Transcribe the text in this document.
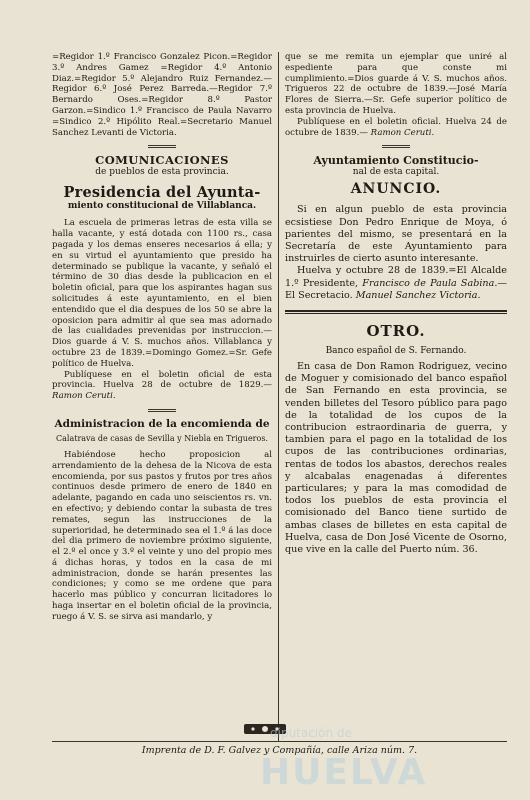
=Regidor 1.º Francisco Gonzalez Picon.=Regidor 3.º Andres Gamez =Regidor 4.º Antonio Diaz.=Regidor 5.º Alejandro Ruiz Fernandez.—Regidor 6.º José Perez Barreda.—Regidor 7.º Bernardo Oses.=Regidor 8.º Pastor Garzon.=Sindico 1.º Francisco de Paula Navarro =Sindico 2.º Hipólito Real.=Secretario Manuel Sanchez Levanti de Victoria.

COMUNICACIONES

de pueblos de esta provincia.

Presidencia del Ayunta-

miento constitucional de Villablanca.

La escuela de primeras letras de esta villa se halla vacante, y está dotada con 1100 rs., casa pagada y los demas enseres necesarios á ella; y en su virtud el ayuntamiento que presido ha determinado se publique la vacante, y señaló el término de 30 dias desde la publicacion en el boletin oficial, para que los aspirantes hagan sus solicitudes á este ayuntamiento, en el bien entendido que el dia despues de los 50 se abre la oposicion para admitir al que sea mas adornado de las cualidades prevenidas por instruccion.—Dios guarde á V. S. muchos años. Villablanca y octubre 23 de 1839.=Domingo Gomez.=Sr. Gefe político de Huelva.

Publíquese en el boletin oficial de esta provincia. Huelva 28 de octubre de 1829.— Ramon Ceruti.

Administracion de la encomienda de

Calatrava de casas de Sevilla y Niebla en Trigueros.

Habiéndose hecho proposicion al arrendamiento de la dehesa de la Nicova de esta encomienda, por sus pastos y frutos por tres años continuos desde primero de enero de 1840 en adelante, pagando en cada uno seiscientos rs. vn. en efectivo; y debiendo contar la subasta de tres remates, segun las instrucciones de la superioridad, he determinado sea el 1.º á las doce del dia primero de noviembre próximo siguiente, el 2.º el once y 3.º el veinte y uno del propio mes á dichas horas, y todos en la casa de mi administracion, donde se harán presentes las condiciones; y como se me ordene que para hacerlo mas público y concurran licitadores lo haga insertar en el boletin oficial de la provincia, ruego á V. S. se sirva asi mandarlo, y

que se me remita un ejemplar que uniré al espediente para que conste mi cumplimiento.=Dios guarde á V. S. muchos años. Trigueros 22 de octubre de 1839.—José María Flores de Sierra.—Sr. Gefe superior político de esta provincia de Huelva.

Publíquese en el boletin oficial. Huelva 24 de octubre de 1839.— Ramon Ceruti.

Ayuntamiento Constitucio-

nal de esta capital.

ANUNCIO.

Si en algun pueblo de esta provincia ecsistiese Don Pedro Enrique de Moya, ó parientes del mismo, se presentará en la Secretaría de este Ayuntamiento para instruirles de cierto asunto interesante.

Huelva y octubre 28 de 1839.=El Alcalde 1.º Presidente, Francisco de Paula Sabina.—El Secretacio. Manuel Sanchez Victoria.

OTRO.

Banco español de S. Fernando.

En casa de Don Ramon Rodriguez, vecino de Moguer y comisionado del banco español de San Fernando en esta provincia, se venden billetes del Tesoro público para pago de la totalidad de los cupos de la contribucion estraordinaria de guerra, y tambien para el pago en la totalidad de los cupos de las contribuciones ordinarias, rentas de todos los abastos, derechos reales y alcabalas enagenadas á diferentes particulares; y para la mas comodidad de todos los pueblos de esta provincia el comisionado del Banco tiene surtido de ambas clases de billetes en esta capital de Huelva, casa de Don José Vicente de Osorno, que vive en la calle del Puerto núm. 36.

diputación de

Imprenta de D. F. Galvez y Compañía, calle Ariza núm. 7.

HUELVA
